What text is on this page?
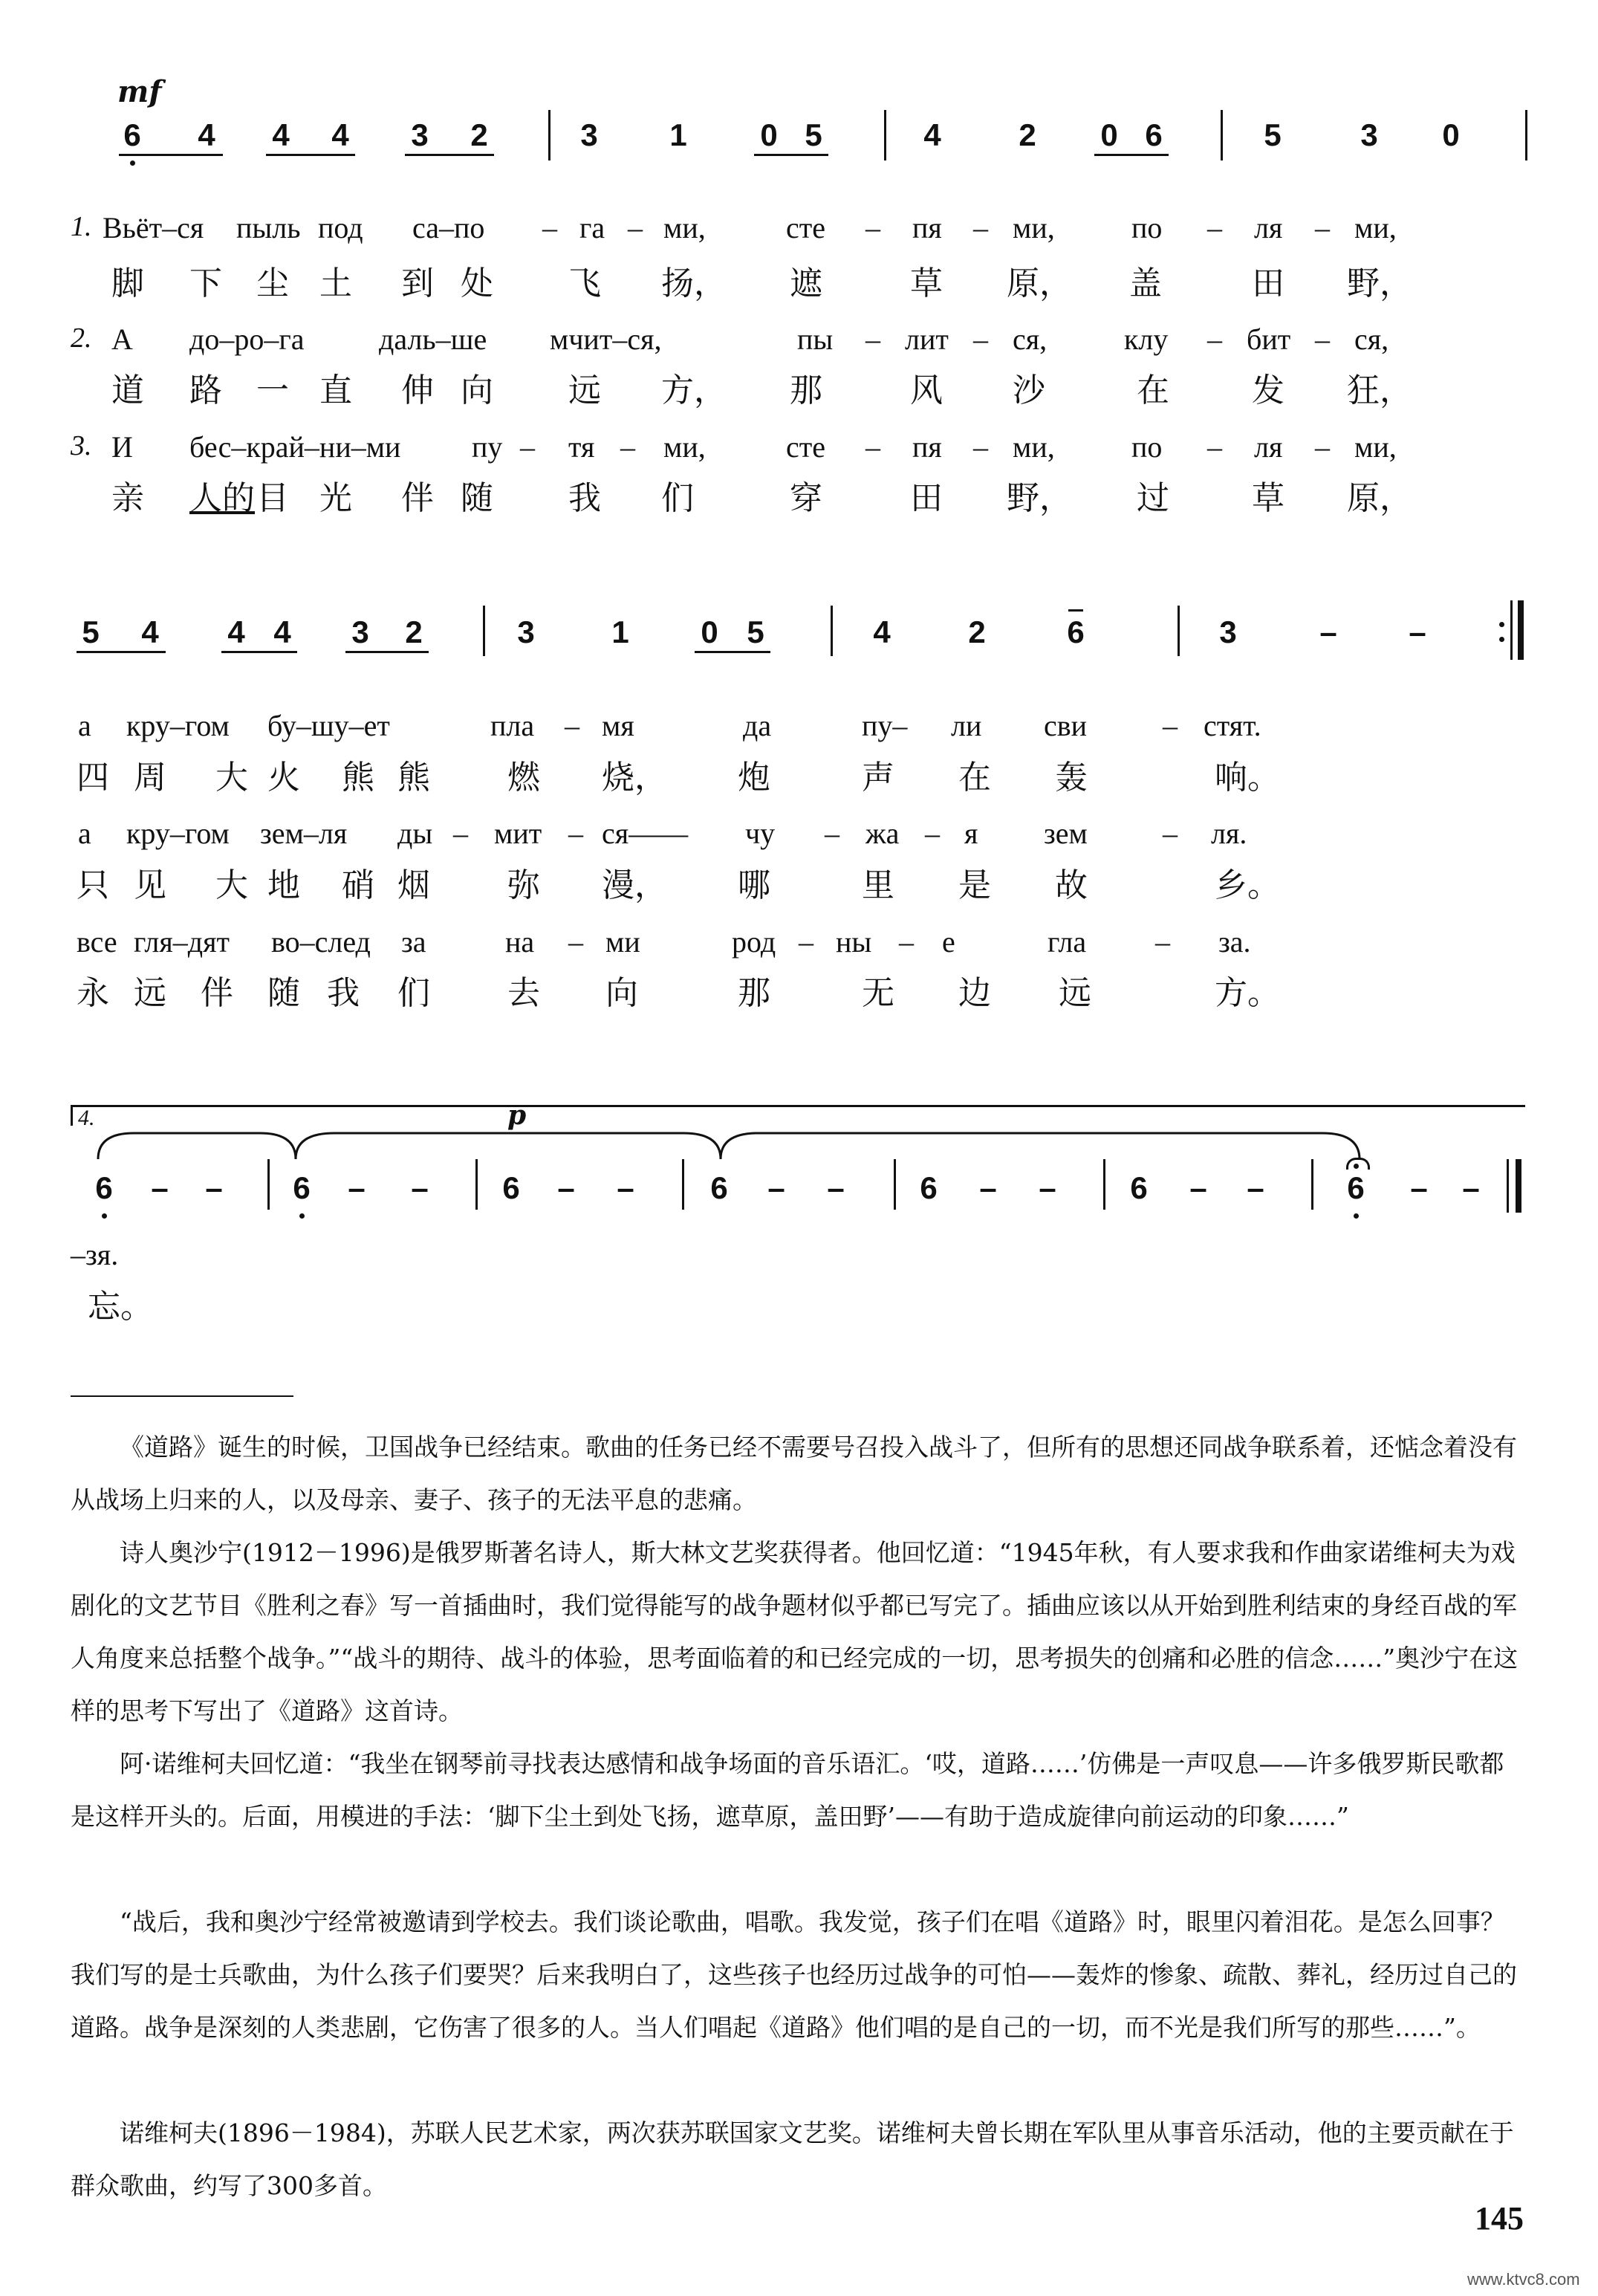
mf
p
6 4 4 4 3 2	3 1 0 5	4 2 0 6	5	3 0
1. Вьёт–ся пыль под са–по – га – ми,	сте – пя – ми,	по – ля – ми,
脚 下 尘 土 到 处 飞 扬， 遮	草 原， 盖	田 野，
2. А до–ро–га	даль–ше мчит–ся,	пы – лит – ся,	клу – бит – ся,
道 路 一 直 伸 向 远 方， 那	风 沙	在	发 狂，
3. И бес–край–ни–ми пу – тя – ми,	сте – пя – ми,	по – ля – ми,
亲 人的 目 光 伴 随 我 们	穿	田 野， 过	草 原，
5 4 4 4 3 2	3 1 0 5	4 2	6	3	– –
а кру–гом бу–шу–ет	пла – мя	да	пу– ли сви	– стят.
四 周 大 火 熊 熊 燃 烧， 炮	声 在 轰	响。
а кру–гом зем–ля ды – мит – ся—— чу – жа – я зем	– ля.
只 见 大 地 硝 烟 弥 漫， 哪	里 是 故	乡。
все гля–дят во–след за	на – ми	род – ны – е	гла – за.
永 远 伴 随 我 们 去 向	那	无 边 远	方。
4.
6 – – 6 – – 6 – – 6 – – 6 – – 6 – –	6 – –
–зя.
忘。
《道路》诞生的时候，卫国战争已经结束。歌曲的任务已经不需要号召投入战斗了，但所有的思想还同战争联系着，还惦念着没有从战场上归来的人，以及母亲、妻子、孩子的无法平息的悲痛。
诗人奥沙宁(1912－1996)是俄罗斯著名诗人，斯大林文艺奖获得者。他回忆道：“1945年秋，有人要求我和作曲家诺维柯夫为戏剧化的文艺节目《胜利之春》写一首插曲时，我们觉得能写的战争题材似乎都已写完了。插曲应该以从开始到胜利结束的身经百战的军人角度来总括整个战争。”“战斗的期待、战斗的体验，思考面临着的和已经完成的一切，思考损失的创痛和必胜的信念……”奥沙宁在这样的思考下写出了《道路》这首诗。
阿·诺维柯夫回忆道：“我坐在钢琴前寻找表达感情和战争场面的音乐语汇。‘哎，道路……’仿佛是一声叹息——许多俄罗斯民歌都是这样开头的。后面，用模进的手法：‘脚下尘土到处飞扬，遮草原，盖田野’——有助于造成旋律向前运动的印象……”
“战后，我和奥沙宁经常被邀请到学校去。我们谈论歌曲，唱歌。我发觉，孩子们在唱《道路》时，眼里闪着泪花。是怎么回事？我们写的是士兵歌曲，为什么孩子们要哭？后来我明白了，这些孩子也经历过战争的可怕——轰炸的惨象、疏散、葬礼，经历过自己的道路。战争是深刻的人类悲剧，它伤害了很多的人。当人们唱起《道路》他们唱的是自己的一切，而不光是我们所写的那些……”。
诺维柯夫(1896－1984)，苏联人民艺术家，两次获苏联国家文艺奖。诺维柯夫曾长期在军队里从事音乐活动，他的主要贡献在于群众歌曲，约写了300多首。
145
www.ktvc8.com
